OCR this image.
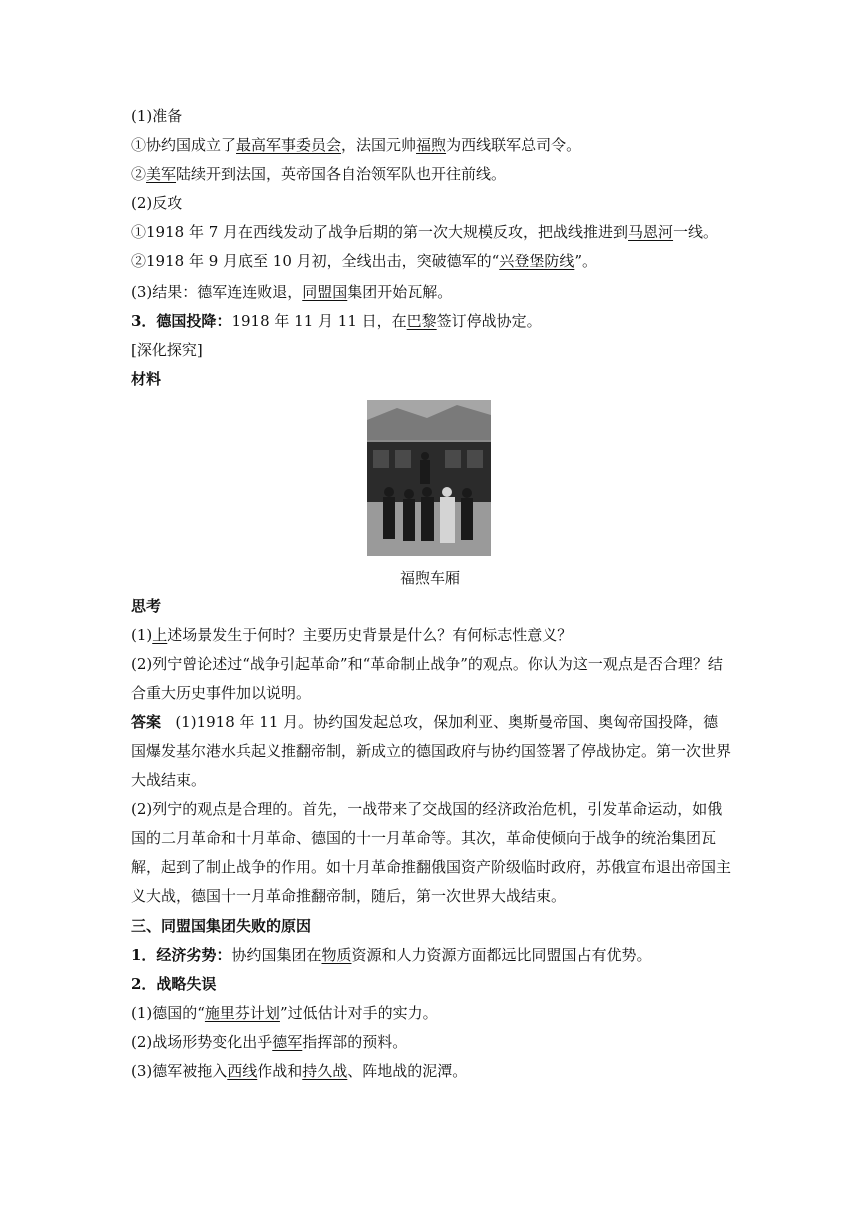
(1)准备
①协约国成立了最高军事委员会，法国元帅福煦为西线联军总司令。
②美军陆续开到法国，英帝国各自治领军队也开往前线。
(2)反攻
①1918 年 7 月在西线发动了战争后期的第一次大规模反攻，把战线推进到马恩河一线。
②1918 年 9 月底至 10 月初，全线出击，突破德军的“兴登堡防线”。
(3)结果：德军连连败退，同盟国集团开始瓦解。
3．德国投降：1918 年 11 月 11 日，在巴黎签订停战协定。
[深化探究]
材料
福煦车厢
思考
(1)上述场景发生于何时？主要历史背景是什么？有何标志性意义？
(2)列宁曾论述过“战争引起革命”和“革命制止战争”的观点。你认为这一观点是否合理？结合重大历史事件加以说明。
答案 (1)1918 年 11 月。协约国发起总攻，保加利亚、奥斯曼帝国、奥匈帝国投降，德国爆发基尔港水兵起义推翻帝制，新成立的德国政府与协约国签署了停战协定。第一次世界大战结束。
(2)列宁的观点是合理的。首先，一战带来了交战国的经济政治危机，引发革命运动，如俄国的二月革命和十月革命、德国的十一月革命等。其次，革命使倾向于战争的统治集团瓦解，起到了制止战争的作用。如十月革命推翻俄国资产阶级临时政府，苏俄宣布退出帝国主义大战，德国十一月革命推翻帝制，随后，第一次世界大战结束。
三、同盟国集团失败的原因
1．经济劣势：协约国集团在物质资源和人力资源方面都远比同盟国占有优势。
2．战略失误
(1)德国的“施里芬计划”过低估计对手的实力。
(2)战场形势变化出乎德军指挥部的预料。
(3)德军被拖入西线作战和持久战、阵地战的泥潭。
